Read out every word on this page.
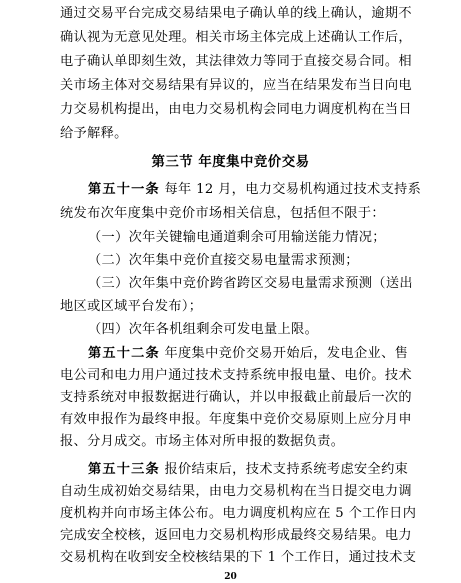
通过交易平台完成交易结果电子确认单的线上确认，逾期不
确认视为无意见处理。相关市场主体完成上述确认工作后，
电子确认单即刻生效，其法律效力等同于直接交易合同。相
关市场主体对交易结果有异议的，应当在结果发布当日向电
力交易机构提出，由电力交易机构会同电力调度机构在当日
给予解释。
第三节 年度集中竞价交易
第五十一条 每年 12 月，电力交易机构通过技术支持系
统发布次年度集中竞价市场相关信息，包括但不限于：
（一）次年关键输电通道剩余可用输送能力情况；
（二）次年集中竞价直接交易电量需求预测；
（三）次年集中竞价跨省跨区交易电量需求预测（送出
地区或区域平台发布）；
（四）次年各机组剩余可发电量上限。
第五十二条 年度集中竞价交易开始后，发电企业、售
电公司和电力用户通过技术支持系统申报电量、电价。技术
支持系统对申报数据进行确认，并以申报截止前最后一次的
有效申报作为最终申报。年度集中竞价交易原则上应分月申
报、分月成交。市场主体对所申报的数据负责。
第五十三条 报价结束后，技术支持系统考虑安全约束
自动生成初始交易结果，由电力交易机构在当日提交电力调
度机构并向市场主体公布。电力调度机构应在 5 个工作日内
完成安全校核，返回电力交易机构形成最终交易结果。电力
交易机构在收到安全校核结果的下 1 个工作日，通过技术支
20
